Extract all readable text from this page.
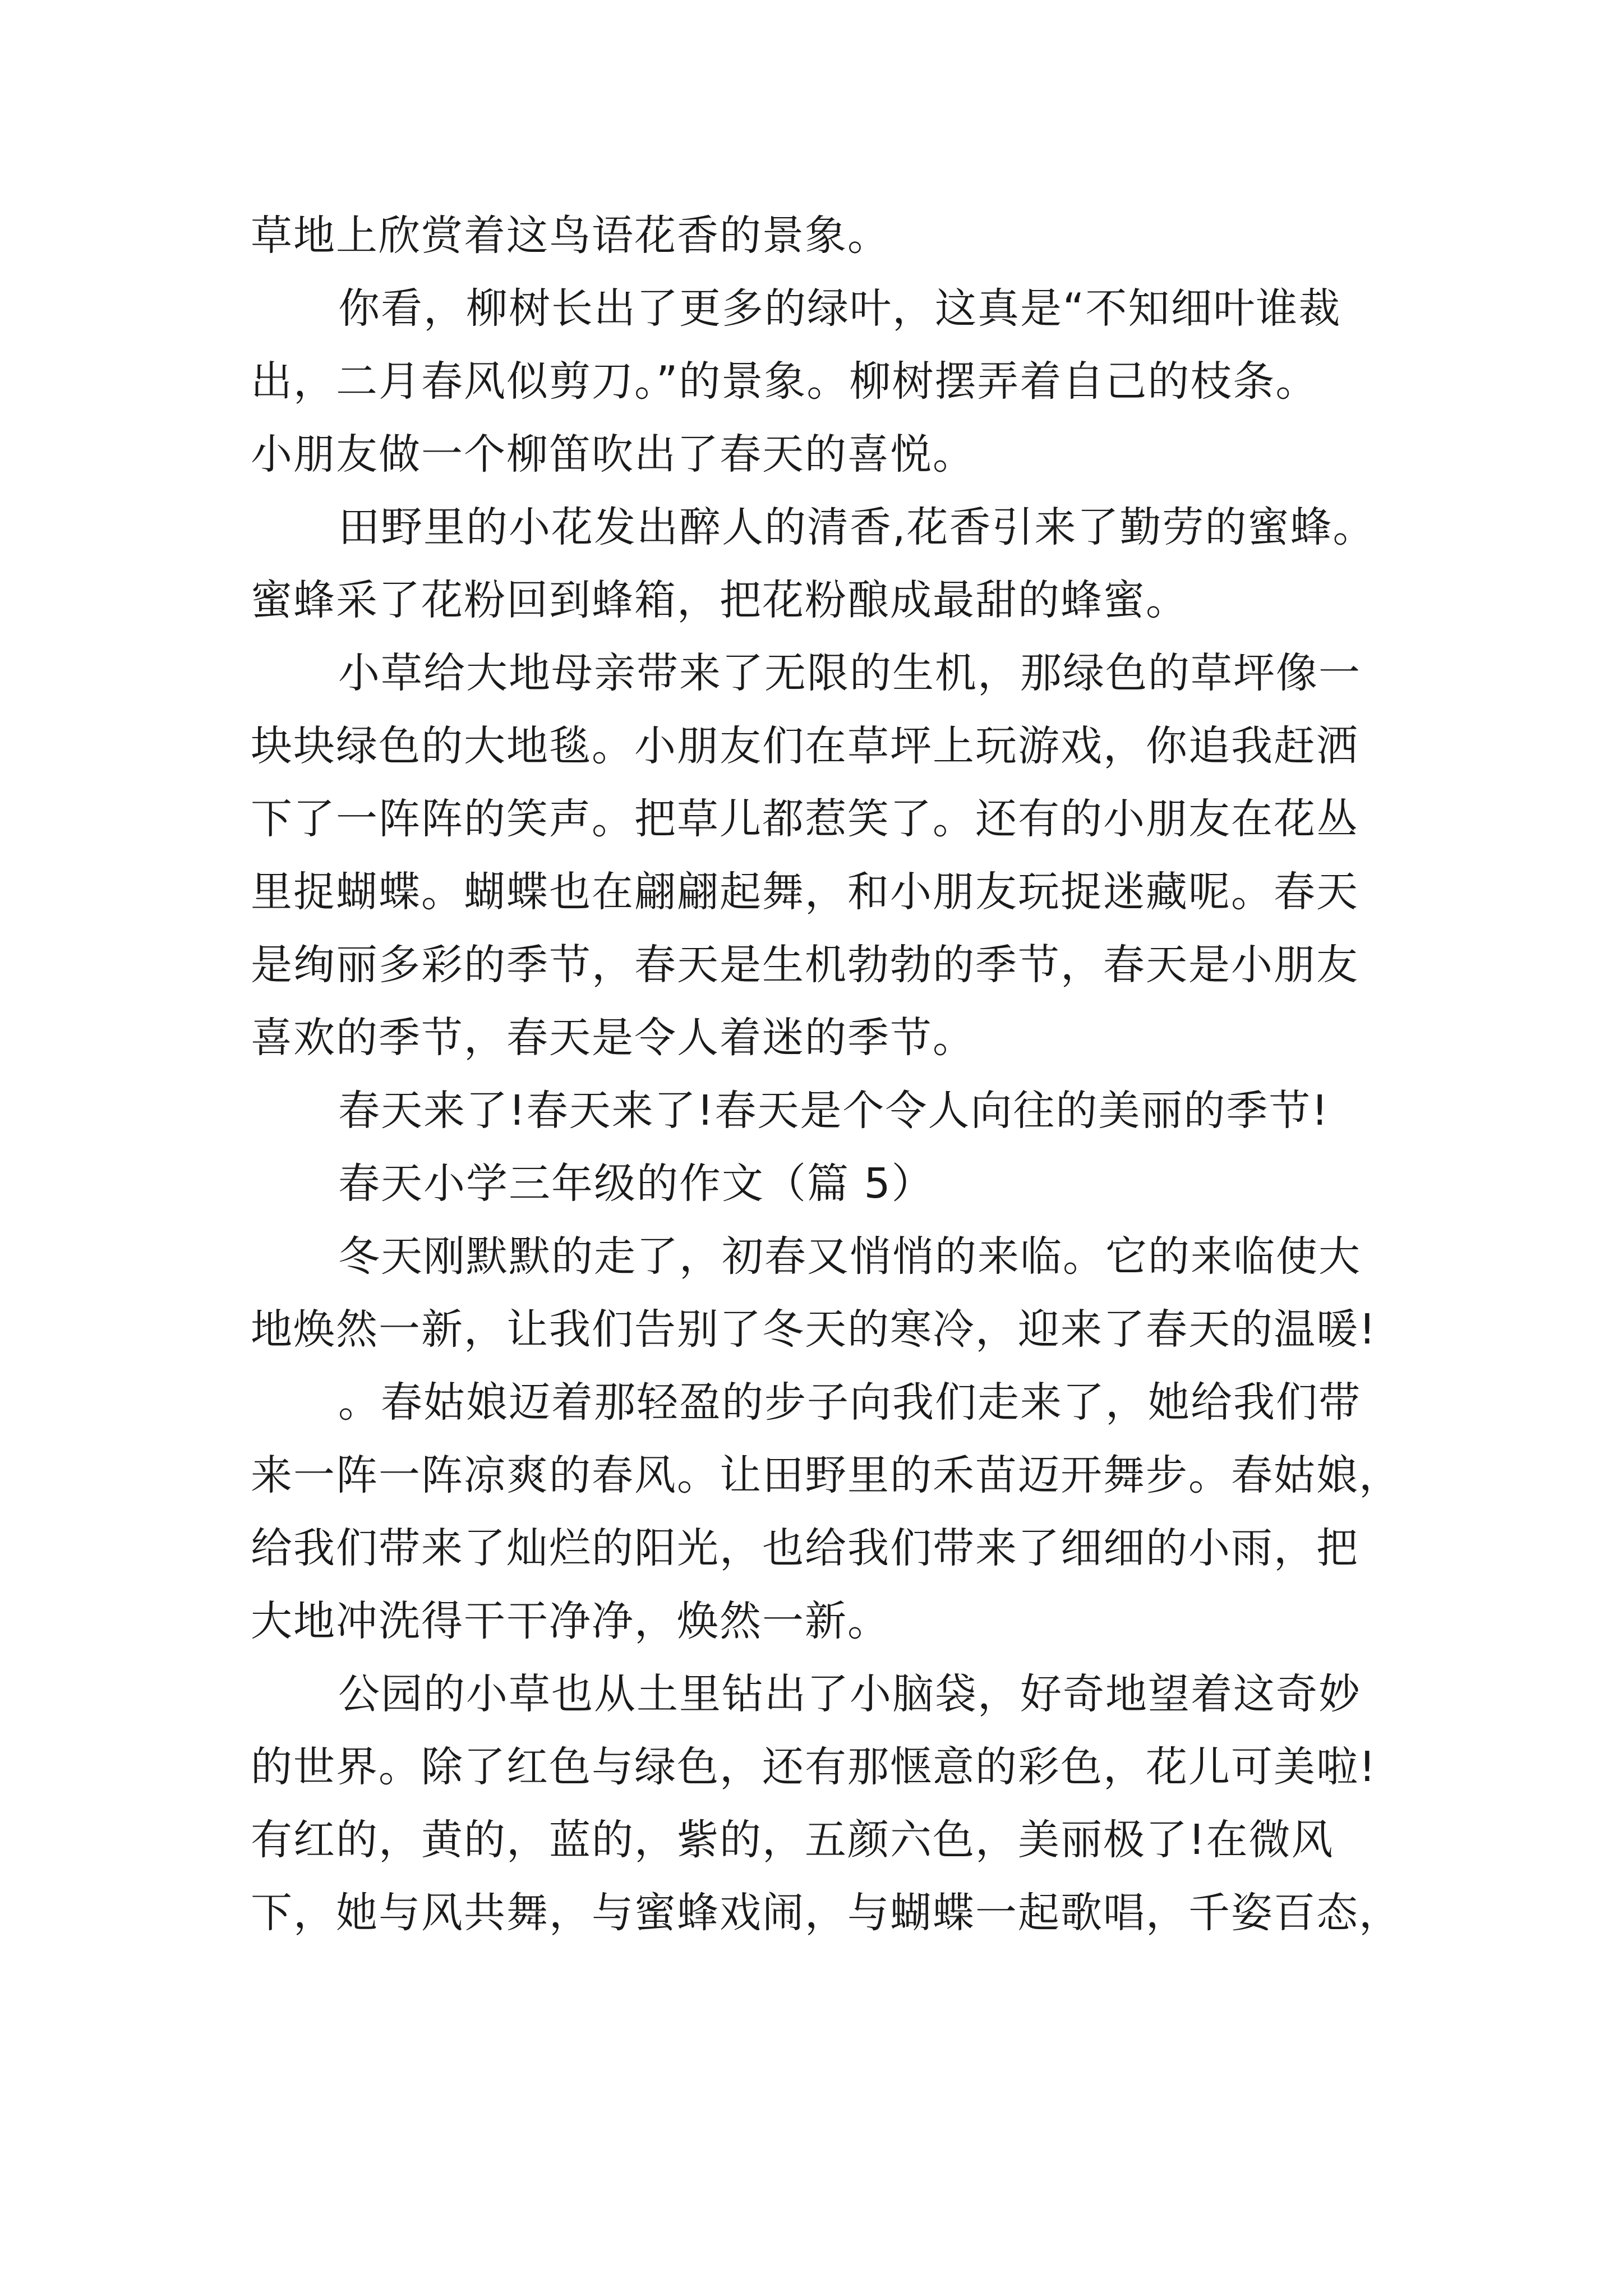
草地上欣赏着这鸟语花香的景象。

你看，柳树长出了更多的绿叶，这真是“不知细叶谁裁

出，二月春风似剪刀。”的景象。柳树摆弄着自己的枝条。

小朋友做一个柳笛吹出了春天的喜悦。

田野里的小花发出醉人的清香,花香引来了勤劳的蜜蜂。

蜜蜂采了花粉回到蜂箱，把花粉酿成最甜的蜂蜜。

小草给大地母亲带来了无限的生机，那绿色的草坪像一

块块绿色的大地毯。小朋友们在草坪上玩游戏，你追我赶洒

下了一阵阵的笑声。把草儿都惹笑了。还有的小朋友在花丛

里捉蝴蝶。蝴蝶也在翩翩起舞，和小朋友玩捉迷藏呢。春天

是绚丽多彩的季节，春天是生机勃勃的季节，春天是小朋友

喜欢的季节，春天是令人着迷的季节。

春天来了!春天来了!春天是个令人向往的美丽的季节!

春天小学三年级的作文（篇 5）

冬天刚默默的走了，初春又悄悄的来临。它的来临使大

地焕然一新，让我们告别了冬天的寒冷，迎来了春天的温暖!

。春姑娘迈着那轻盈的步子向我们走来了，她给我们带

来一阵一阵凉爽的春风。让田野里的禾苗迈开舞步。春姑娘，

给我们带来了灿烂的阳光，也给我们带来了细细的小雨，把

大地冲洗得干干净净，焕然一新。

公园的小草也从土里钻出了小脑袋，好奇地望着这奇妙

的世界。除了红色与绿色，还有那惬意的彩色，花儿可美啦!

有红的，黄的，蓝的，紫的，五颜六色，美丽极了!在微风

下，她与风共舞，与蜜蜂戏闹，与蝴蝶一起歌唱，千姿百态，
